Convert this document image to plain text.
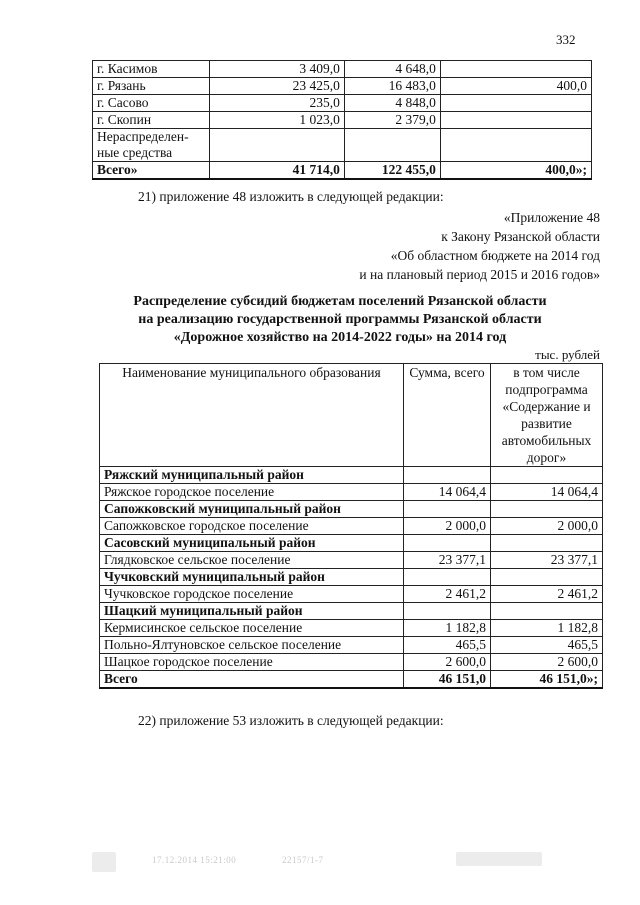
332
г. Касимов	3 409,0	4 648,0	
г. Рязань	23 425,0	16 483,0	400,0
г. Сасово	235,0	4 848,0	
г. Скопин	1 023,0	2 379,0	
Нераспределен-ные средства			
Всего»	41 714,0	122 455,0	400,0»;
21) приложение 48 изложить в следующей редакции:
«Приложение 48
к Закону Рязанской области
«Об областном бюджете на 2014 год
и на плановый период 2015 и 2016 годов»
Распределение субсидий бюджетам поселений Рязанской области
на реализацию государственной программы Рязанской области
«Дорожное хозяйство на 2014-2022 годы» на 2014 год
тыс. рублей
Наименование муниципального образования	Сумма, всего	в том числе подпрограмма «Содержание и развитие автомобильных дорог»
Ряжский муниципальный район		
Ряжское городское поселение	14 064,4	14 064,4
Сапожковский муниципальный район		
Сапожковское городское поселение	2 000,0	2 000,0
Сасовский муниципальный район		
Глядковское сельское поселение	23 377,1	23 377,1
Чучковский муниципальный район		
Чучковское городское поселение	2 461,2	2 461,2
Шацкий муниципальный район		
Кермисинское сельское поселение	1 182,8	1 182,8
Польно-Ялтуновское сельское поселение	465,5	465,5
Шацкое городское поселение	2 600,0	2 600,0
Всего	46 151,0	46 151,0»;
22) приложение 53 изложить в следующей редакции:
17.12.2014 15:21:00	22157/1-7
